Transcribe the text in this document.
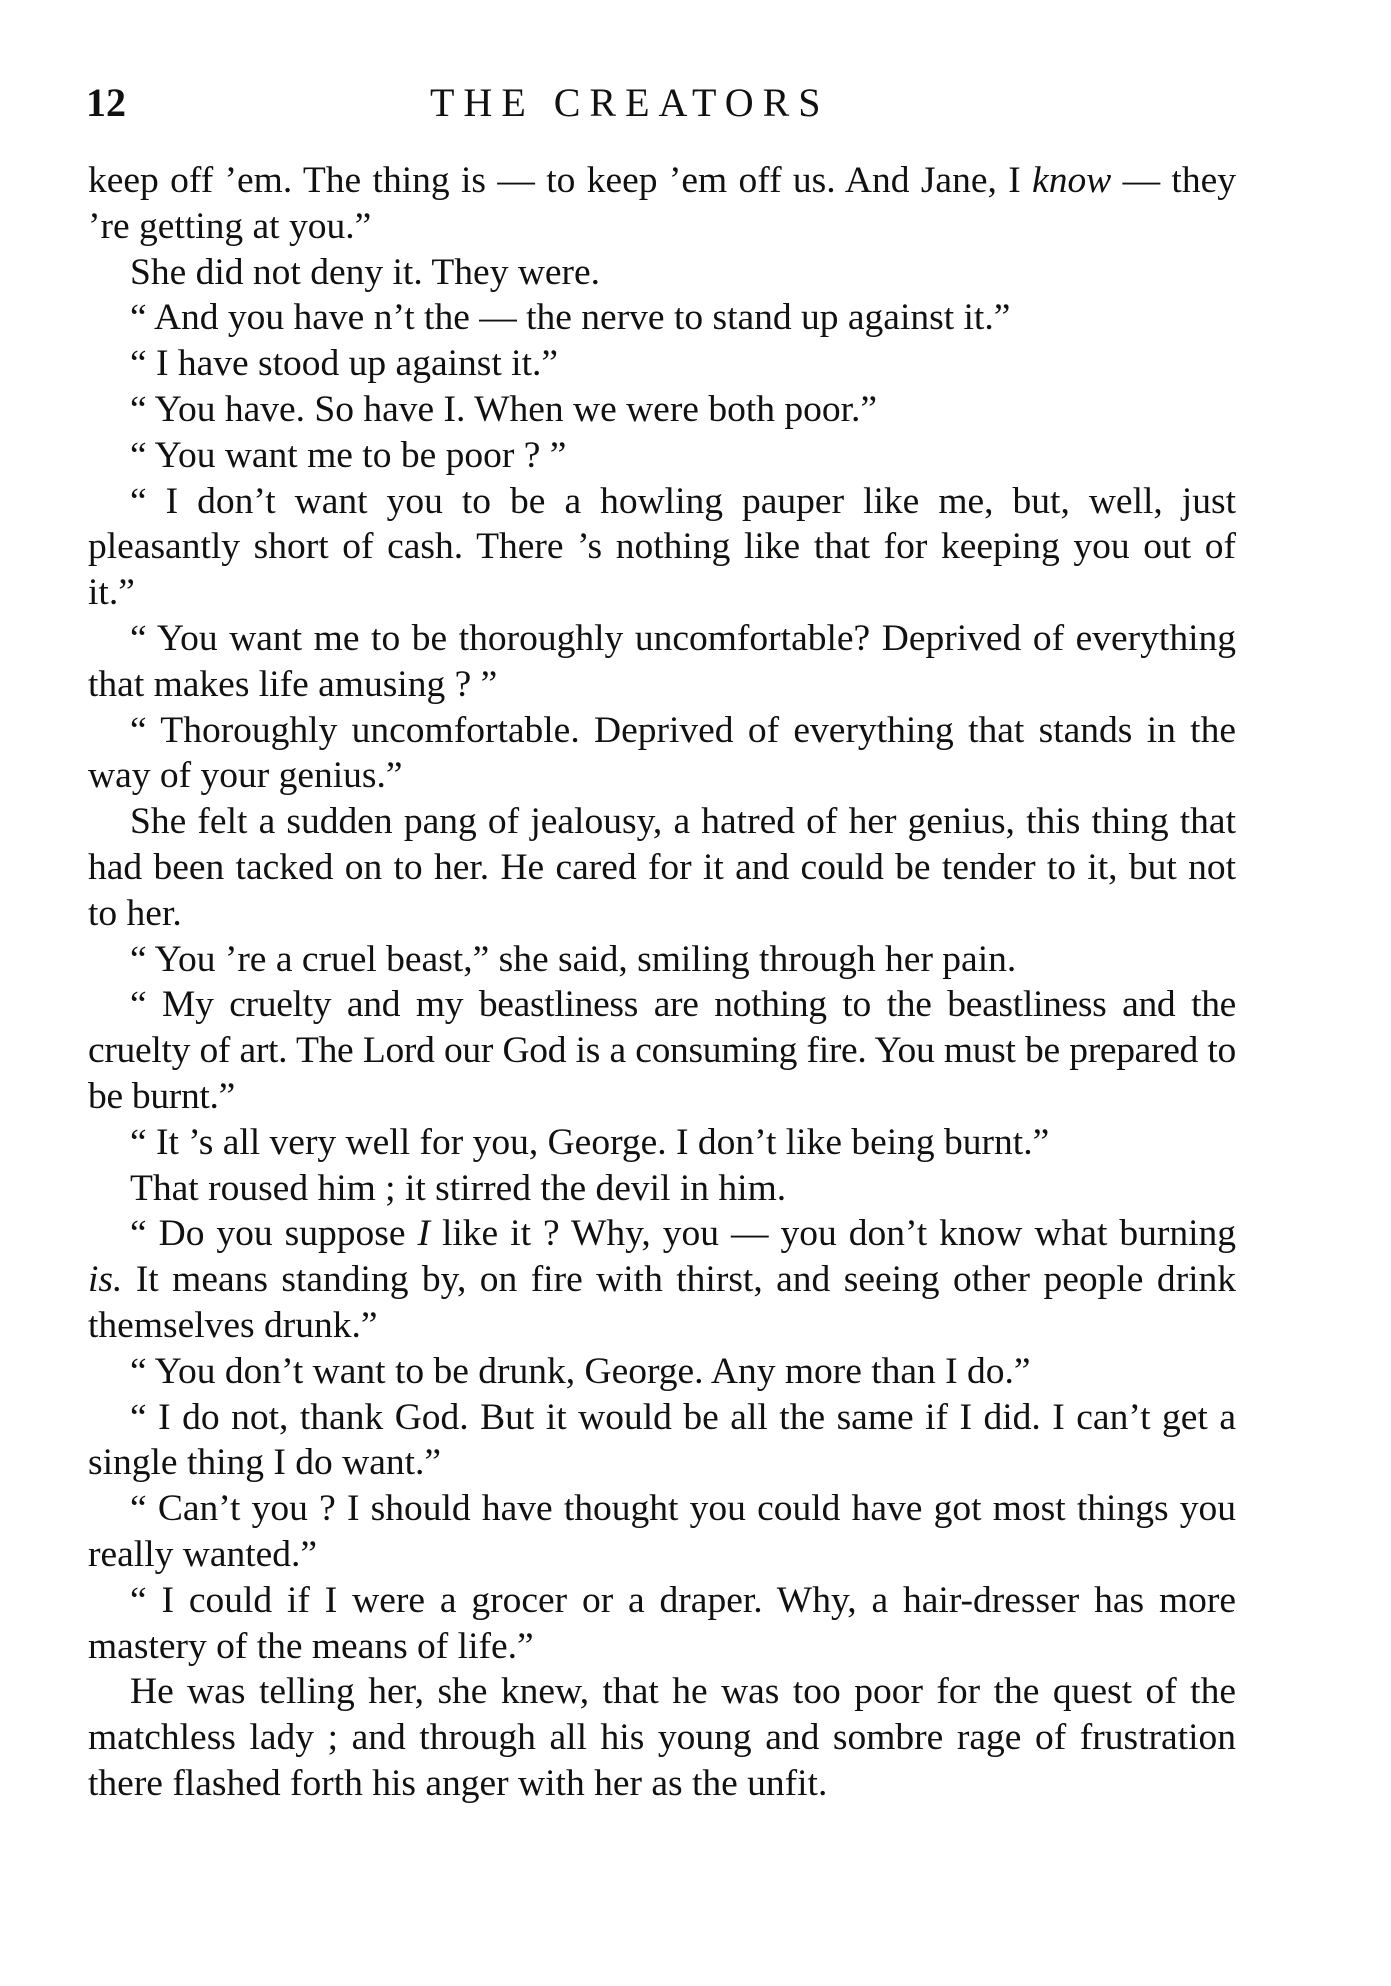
12	THE CREATORS

keep off ’em. The thing is — to keep ’em off us. And Jane, I know — they ’re getting at you.”

She did not deny it. They were.

“ And you have n’t the — the nerve to stand up against it.”

“ I have stood up against it.”

“ You have. So have I. When we were both poor.”

“ You want me to be poor ? ”

“ I don’t want you to be a howling pauper like me, but, well, just pleasantly short of cash. There ’s nothing like that for keeping you out of it.”

“ You want me to be thoroughly uncomfortable? Deprived of everything that makes life amusing ? ”

“ Thoroughly uncomfortable. Deprived of everything that stands in the way of your genius.”

She felt a sudden pang of jealousy, a hatred of her genius, this thing that had been tacked on to her. He cared for it and could be tender to it, but not to her.

“ You ’re a cruel beast,” she said, smiling through her pain.

“ My cruelty and my beastliness are nothing to the beastliness and the cruelty of art. The Lord our God is a consuming fire. You must be prepared to be burnt.”

“ It ’s all very well for you, George. I don’t like being burnt.”

That roused him ; it stirred the devil in him.

“ Do you suppose I like it ? Why, you — you don’t know what burning is. It means standing by, on fire with thirst, and seeing other people drink themselves drunk.”

“ You don’t want to be drunk, George. Any more than I do.”

“ I do not, thank God. But it would be all the same if I did. I can’t get a single thing I do want.”

“ Can’t you ? I should have thought you could have got most things you really wanted.”

“ I could if I were a grocer or a draper. Why, a hair-dresser has more mastery of the means of life.”

He was telling her, she knew, that he was too poor for the quest of the matchless lady ; and through all his young and sombre rage of frustration there flashed forth his anger with her as the unfit.
